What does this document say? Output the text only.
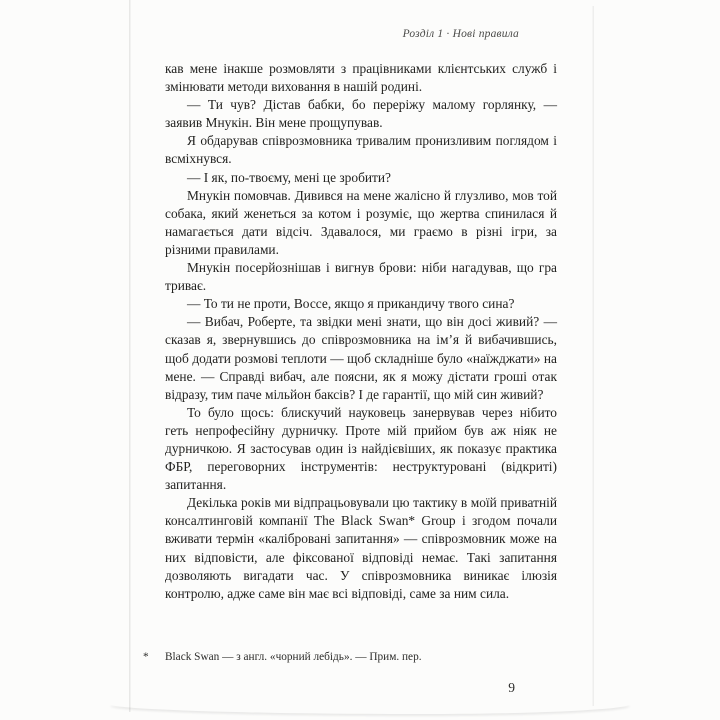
Розділ 1 · Нові правила

кав мене інакше розмовляти з працівниками клієнтських служб і змінювати методи виховання в нашій родині.

— Ти чув? Дістав бабки, бо переріжу малому горлянку, — заявив Мнукін. Він мене прощупував.

Я обдарував співрозмовника тривалим пронизливим поглядом і всміхнувся.

— І як, по-твоєму, мені це зробити?

Мнукін помовчав. Дивився на мене жалісно й глузливо, мов той собака, який женеться за котом і розуміє, що жертва спинилася й намагається дати відсіч. Здавалося, ми граємо в різні ігри, за різними правилами.

Мнукін посерйознішав і вигнув брови: ніби нагадував, що гра триває.

— То ти не проти, Воссе, якщо я прикандичу твого сина?

— Вибач, Роберте, та звідки мені знати, що він досі живий? — сказав я, звернувшись до співрозмовника на ім’я й вибачившись, щоб додати розмові теплоти — щоб складніше було «наїжджати» на мене. — Справді вибач, але поясни, як я можу дістати гроші отак відразу, тим паче мільйон баксів? І де гарантії, що мій син живий?

То було щось: блискучий науковець занервував через нібито геть непрофесійну дурничку. Проте мій прийом був аж ніяк не дурничкою. Я застосував один із найдієвіших, як показує практика ФБР, переговорних інструментів: неструктуровані (відкриті) запитання.

Декілька років ми відпрацьовували цю тактику в моїй приватній консалтинговій компанії The Black Swan* Group і згодом почали вживати термін «калібровані запитання» — співрозмовник може на них відповісти, але фіксованої відповіді немає. Такі запитання дозволяють вигадати час. У співрозмовника виникає ілюзія контролю, адже саме він має всі відповіді, саме за ним сила.

* Black Swan — з англ. «чорний лебідь». — Прим. пер.
9
